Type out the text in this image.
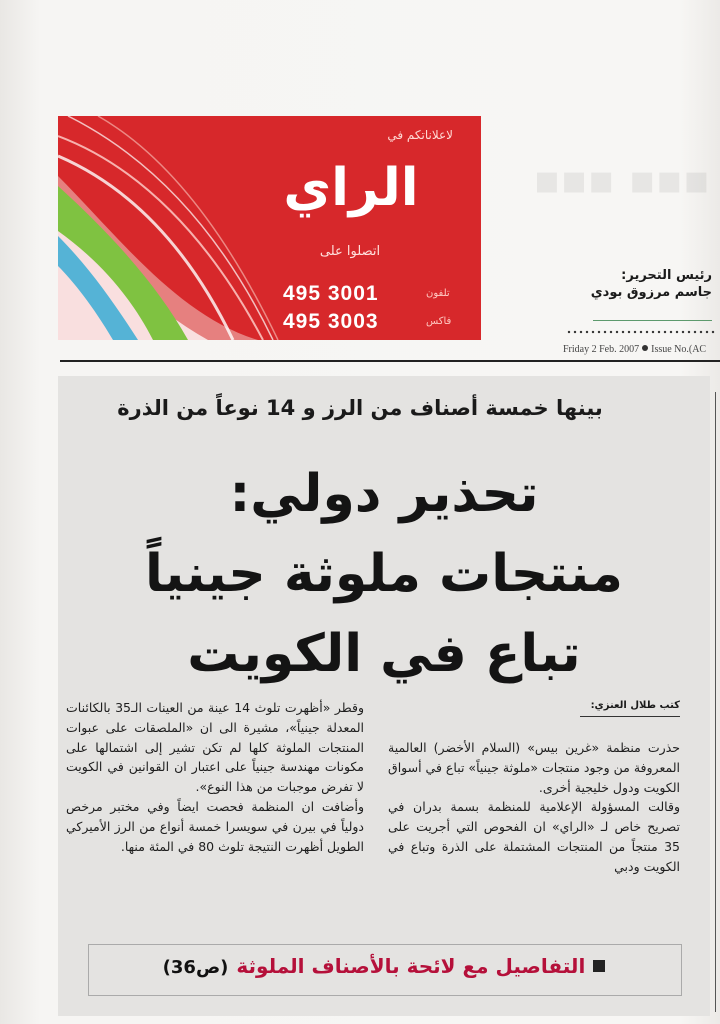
▪▪▪ ▪▪▪
لاعلاناتكم في
الراي
اتصلوا على
495 3001	تلفون
495 3003	فاكس
رئيس التحرير:
جاسم مرزوق بودي
Friday 2 Feb. 2007 Issue No.(AC
بينها خمسة أصناف من الرز و 14 نوعاً من الذرة
تحذير دولي:
منتجات ملوثة جينياً
تباع في الكويت
كتب طلال العنزي:

حذرت منظمة «غرين بيس» (السلام الأخضر) العالمية المعروفة من وجود منتجات «ملوثة جينياً» تباع في أسواق الكويت ودول خليجية أخرى.

وقالت المسؤولة الإعلامية للمنظمة بسمة بدران في تصريح خاص لـ «الراي» ان الفحوص التي أجريت على 35 منتجاً من المنتجات المشتملة على الذرة وتباع في الكويت ودبي

وقطر «أظهرت تلوث 14 عينة من العينات الـ35 بالكائنات المعدلة جينياً»، مشيرة الى ان «الملصقات على عبوات المنتجات الملوثة كلها لم تكن تشير إلى اشتمالها على مكونات مهندسة جينياً على اعتبار ان القوانين في الكويت لا تفرض موجبات من هذا النوع».

وأضافت ان المنظمة فحصت ايضاً وفي مختبر مرخص دولياً في بيرن في سويسرا خمسة أنواع من الرز الأميركي الطويل أظهرت النتيجة تلوث 80 في المئة منها.

التفاصيل مع لائحة بالأصناف الملوثة(ص36)
